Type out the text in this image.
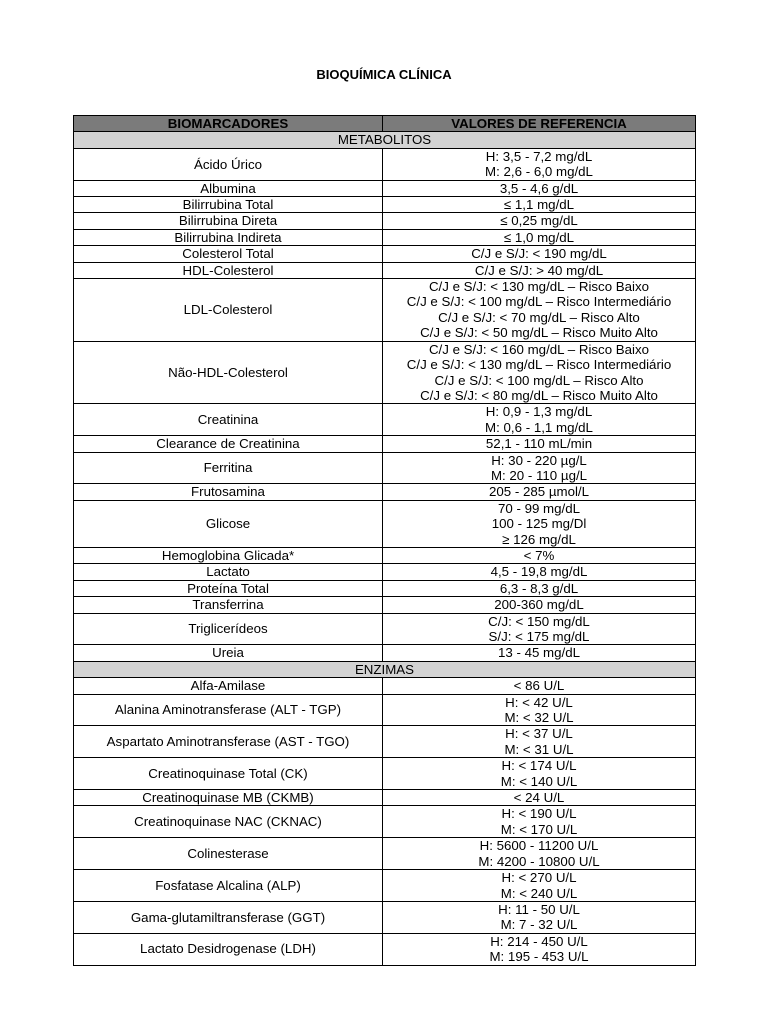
BIOQUÍMICA CLÍNICA
BIOMARCADORES	VALORES DE REFERENCIA
METABOLITOS	
Ácido Úrico	H: 3,5 - 7,2 mg/dL
M: 2,6 - 6,0 mg/dL

Albumina	3,5 - 4,6 g/dL

Bilirrubina Total	≤ 1,1 mg/dL

Bilirrubina Direta	≤ 0,25 mg/dL

Bilirrubina Indireta	≤ 1,0 mg/dL

Colesterol Total	C/J e S/J: < 190 mg/dL

HDL-Colesterol	C/J e S/J: > 40 mg/dL

LDL-Colesterol	C/J e S/J: < 130 mg/dL – Risco Baixo
C/J e S/J: < 100 mg/dL – Risco Intermediário
C/J e S/J: < 70 mg/dL – Risco Alto
C/J e S/J: < 50 mg/dL – Risco Muito Alto

Não-HDL-Colesterol	C/J e S/J: < 160 mg/dL – Risco Baixo
C/J e S/J: < 130 mg/dL – Risco Intermediário
C/J e S/J: < 100 mg/dL – Risco Alto
C/J e S/J: < 80 mg/dL – Risco Muito Alto

Creatinina	H: 0,9 - 1,3 mg/dL
M: 0,6 - 1,1 mg/dL

Clearance de Creatinina	52,1 - 110 mL/min

Ferritina	H: 30 - 220 µg/L
M: 20 - 110 µg/L

Frutosamina	205 - 285 µmol/L

Glicose	70 - 99 mg/dL
100 - 125 mg/Dl
≥ 126 mg/dL

Hemoglobina Glicada*	< 7%

Lactato	4,5 - 19,8 mg/dL

Proteína Total	6,3 - 8,3 g/dL

Transferrina	200-360 mg/dL

Triglicerídeos	C/J: < 150 mg/dL
S/J: < 175 mg/dL

Ureia	13 - 45 mg/dL

ENZIMAS	
Alfa-Amilase	< 86 U/L

Alanina Aminotransferase (ALT - TGP)	H: < 42 U/L
M: < 32 U/L

Aspartato Aminotransferase (AST - TGO)	H: < 37 U/L
M: < 31 U/L

Creatinoquinase Total (CK)	H: < 174 U/L
M: < 140 U/L

Creatinoquinase MB (CKMB)	< 24 U/L

Creatinoquinase NAC (CKNAC)	H: < 190 U/L
M: < 170 U/L

Colinesterase	H: 5600 - 11200 U/L
M: 4200 - 10800 U/L

Fosfatase Alcalina (ALP)	H: < 270 U/L
M: < 240 U/L

Gama-glutamiltransferase (GGT)	H: 11 - 50 U/L
M: 7 - 32 U/L

Lactato Desidrogenase (LDH)	H: 214 - 450 U/L
M: 195 - 453 U/L
